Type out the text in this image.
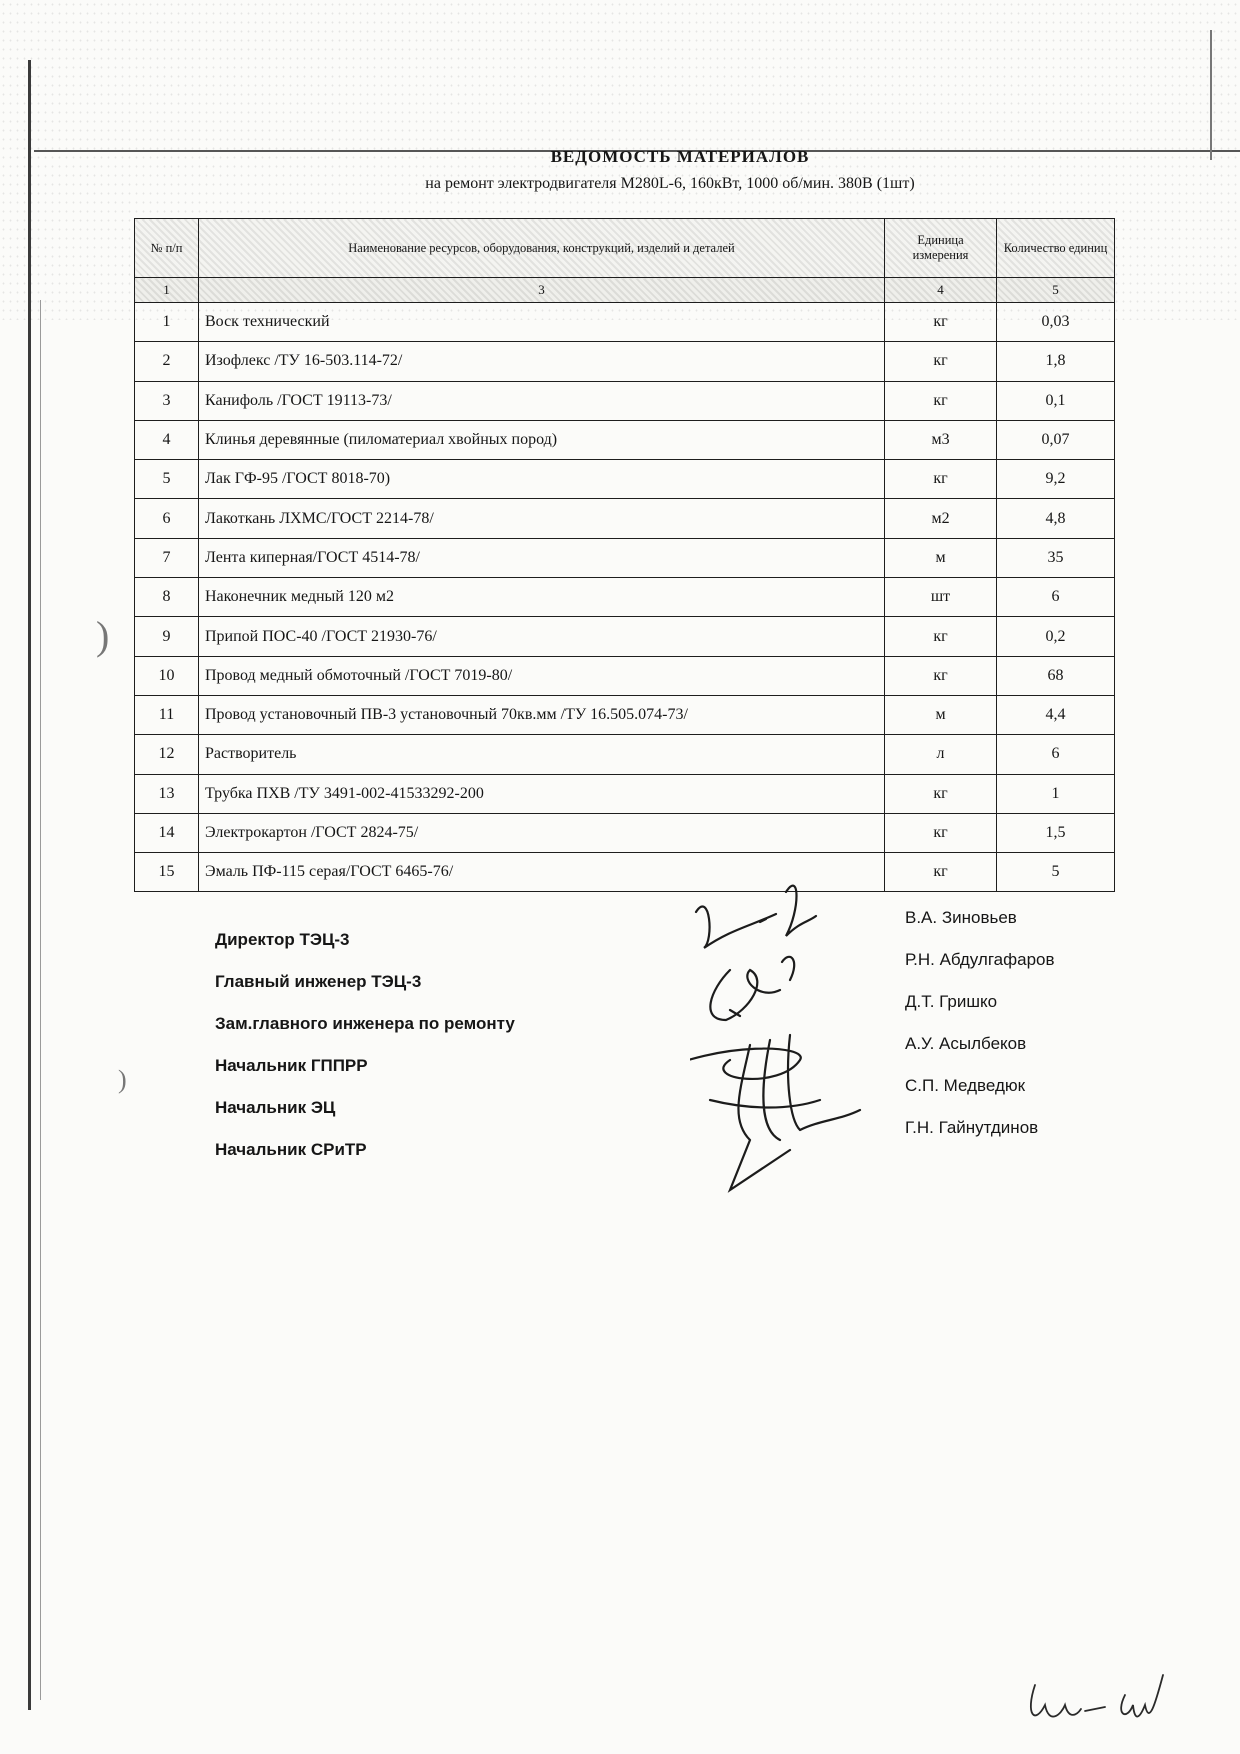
)
)
ВЕДОМОСТЬ МАТЕРИАЛОВ
на ремонт электродвигателя М280L-6, 160кВт, 1000 об/мин. 380В (1шт)
№ п/п	Наименование ресурсов, оборудования, конструкций, изделий и деталей	Единица измерения	Количество единиц
1	3	4	5
1	Воск технический	кг	0,03
2	Изофлекс /ТУ 16-503.114-72/	кг	1,8
3	Канифоль /ГОСТ 19113-73/	кг	0,1
4	Клинья деревянные (пиломатериал хвойных пород)	м3	0,07
5	Лак ГФ-95 /ГОСТ 8018-70)	кг	9,2
6	Лакоткань ЛХМС/ГОСТ 2214-78/	м2	4,8
7	Лента киперная/ГОСТ 4514-78/	м	35
8	Наконечник медный 120 м2	шт	6
9	Припой ПОС-40 /ГОСТ 21930-76/	кг	0,2
10	Провод медный обмоточный /ГОСТ 7019-80/	кг	68
11	Провод установочный ПВ-3 установочный 70кв.мм /ТУ 16.505.074-73/	м	4,4
12	Растворитель	л	6
13	Трубка ПХВ /ТУ 3491-002-41533292-200	кг	1
14	Электрокартон /ГОСТ 2824-75/	кг	1,5
15	Эмаль ПФ-115 серая/ГОСТ 6465-76/	кг	5
Директор ТЭЦ-3
В.А. Зиновьев
Главный инженер ТЭЦ-3
Р.Н. Абдулгафаров
Зам.главного инженера по ремонту
Д.Т. Гришко
Начальник ГППРР
А.У. Асылбеков
Начальник ЭЦ
С.П. Медведюк
Начальник СРиТР
Г.Н. Гайнутдинов
